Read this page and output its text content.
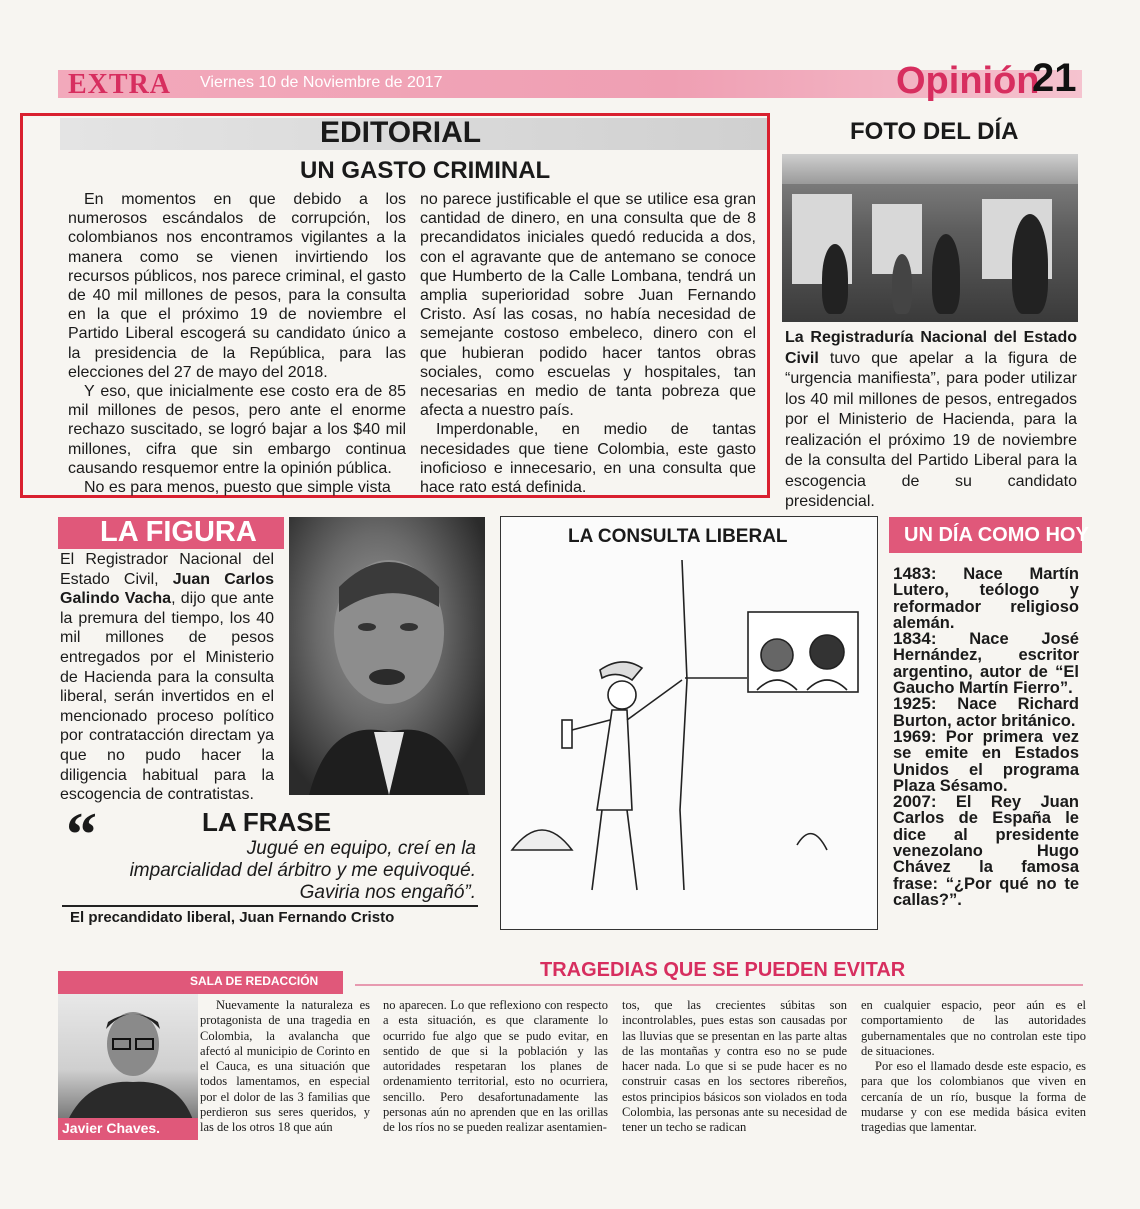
EXTRA Viernes 10 de Noviembre de 2017	Opinión
21
EDITORIAL
UN GASTO CRIMINAL

En momentos en que debido a los numerosos escándalos de corrupción, los colombianos nos encontramos vigilantes a la manera como se vienen invirtiendo los recursos públicos, nos parece criminal, el gasto de 40 mil millones de pesos, para la consulta en la que el próximo 19 de noviembre el Partido Liberal escogerá su candidato único a la presidencia de la República, para las elecciones del 27 de mayo del 2018.

Y eso, que inicialmente ese costo era de 85 mil millones de pesos, pero ante el enorme rechazo suscitado, se logró bajar a los $40 mil millones, cifra que sin embargo continua causando resquemor entre la opinión pública.

No es para menos, puesto que simple vista

no parece justificable el que se utilice esa gran cantidad de dinero, en una consulta que de 8 precandidatos iniciales quedó reducida a dos, con el agravante que de antemano se conoce que Humberto de la Calle Lombana, tendrá un amplia superioridad sobre Juan Fernando Cristo. Así las cosas, no había necesidad de semejante costoso embeleco, dinero con el que hubieran podido hacer tantos obras sociales, como escuelas y hospitales, tan necesarias en medio de tanta pobreza que afecta a nuestro país.

Imperdonable, en medio de tantas necesidades que tiene Colombia, este gasto inoficioso e innecesario, en una consulta que hace rato está definida.

FOTO DEL DÍA
La Registraduría Nacional del Estado Civil tuvo que apelar a la figura de “urgencia manifiesta”, para poder utilizar los 40 mil millones de pesos, entregados por el Ministerio de Hacienda, para la realización el próximo 19 de noviembre de la consulta del Partido Liberal para la escogencia de su candidato presidencial.
LA FIGURA
El Registrador Nacional del Estado Civil, Juan Carlos Galindo Vacha, dijo que ante la premura del tiempo, los 40 mil millones de pesos entregados por el Ministerio de Hacienda para la consulta liberal, serán invertidos en el mencionado proceso político por contratacción directam ya que no pudo hacer la diligencia habitual para la escogencia de contratistas.
“	LA FRASE
Jugué en equipo, creí en la
imparcialidad del árbitro y me equivoqué.
Gaviria nos engañó”.
El precandidato liberal, Juan Fernando Cristo
LA CONSULTA LIBERAL	UN DÍA COMO HOY

1483: Nace Martín Lutero, teólogo y reformador religioso alemán.

1834: Nace José Hernández, escritor argentino, autor de “El Gaucho Martín Fierro”.

1925: Nace Richard Burton, actor británico.

1969: Por primera vez se emite en Estados Unidos el programa Plaza Sésamo.

2007: El Rey Juan Carlos de España le dice al presidente venezolano Hugo Chávez la famosa frase: “¿Por qué no te callas?”.

SALA DE REDACCIÓN	TRAGEDIAS QUE SE PUEDEN EVITAR
Javier Chaves.

Nuevamente la naturaleza es protagonista de una tragedia en Colombia, la avalancha que afectó al municipio de Corinto en el Cauca, es una situación que todos lamentamos, en especial por el dolor de las 3 familias que perdieron sus seres queridos, y las de los otros 18 que aún

no aparecen. Lo que reflexiono con respecto a esta situación, es que claramente lo ocurrido fue algo que se pudo evitar, en sentido de que si la población y las autoridades respetaran los planes de ordenamiento territorial, esto no ocurriera, sencillo. Pero desafortunadamente las personas aún no aprenden que en las orillas de los ríos no se pueden realizar asentamien-

tos, que las crecientes súbitas son incontrolables, pues estas son causadas por las lluvias que se presentan en las parte altas de las montañas y contra eso no se pude hacer nada. Lo que si se pude hacer es no construir casas en los sectores ribereños, estos principios básicos son violados en toda Colombia, las personas ante su necesidad de tener un techo se radican

en cualquier espacio, peor aún es el comportamiento de las autoridades gubernamentales que no controlan este tipo de situaciones.

Por eso el llamado desde este espacio, es para que los colombianos que viven en cercanía de un río, busque la forma de mudarse y con ese medida básica eviten tragedias que lamentar.
